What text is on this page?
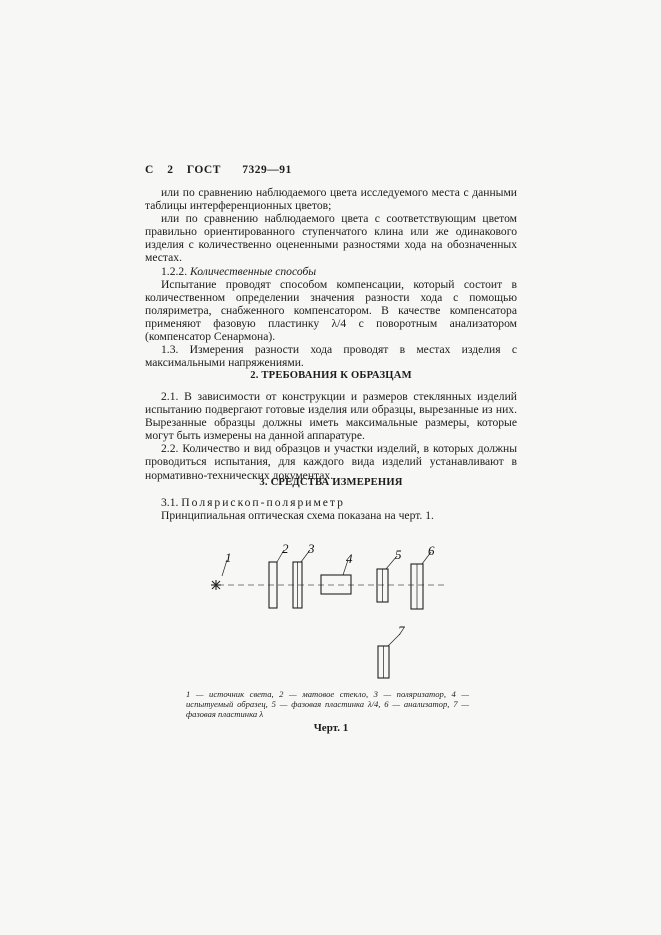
С 2 ГОСТ 7329—91

или по сравнению наблюдаемого цвета исследуемого места с данными таблицы интерференционных цветов;

или по сравнению наблюдаемого цвета с соответствующим цветом правильно ориентированного ступенчатого клина или же одинакового изделия с количественно оцененными разностями хода на обозначенных местах.

1.2.2. Количественные способы

Испытание проводят способом компенсации, который состоит в количественном определении значения разности хода с помощью поляриметра, снабженного компенсатором. В качестве компенсатора применяют фазовую пластинку λ/4 с поворотным анализатором (компенсатор Сенармона).

1.3. Измерения разности хода проводят в местах изделия с максимальными напряжениями.

2. ТРЕБОВАНИЯ К ОБРАЗЦАМ

2.1. В зависимости от конструкции и размеров стеклянных изделий испытанию подвергают готовые изделия или образцы, вырезанные из них. Вырезанные образцы должны иметь максимальные размеры, которые могут быть измерены на данной аппаратуре.

2.2. Количество и вид образцов и участки изделий, в которых должны проводиться испытания, для каждого вида изделий устанавливают в нормативно-технических документах.

3. СРЕДСТВА ИЗМЕРЕНИЯ

3.1. Полярископ-поляриметр

Принципиальная оптическая схема показана на черт. 1.

1
2 3
4	5 6
7

1 — источник света, 2 — матовое стекло, 3 — поляризатор, 4 — испытуемый образец, 5 — фазовая пластинка λ/4, 6 — анализатор, 7 — фазовая пластинка λ

Черт. 1
